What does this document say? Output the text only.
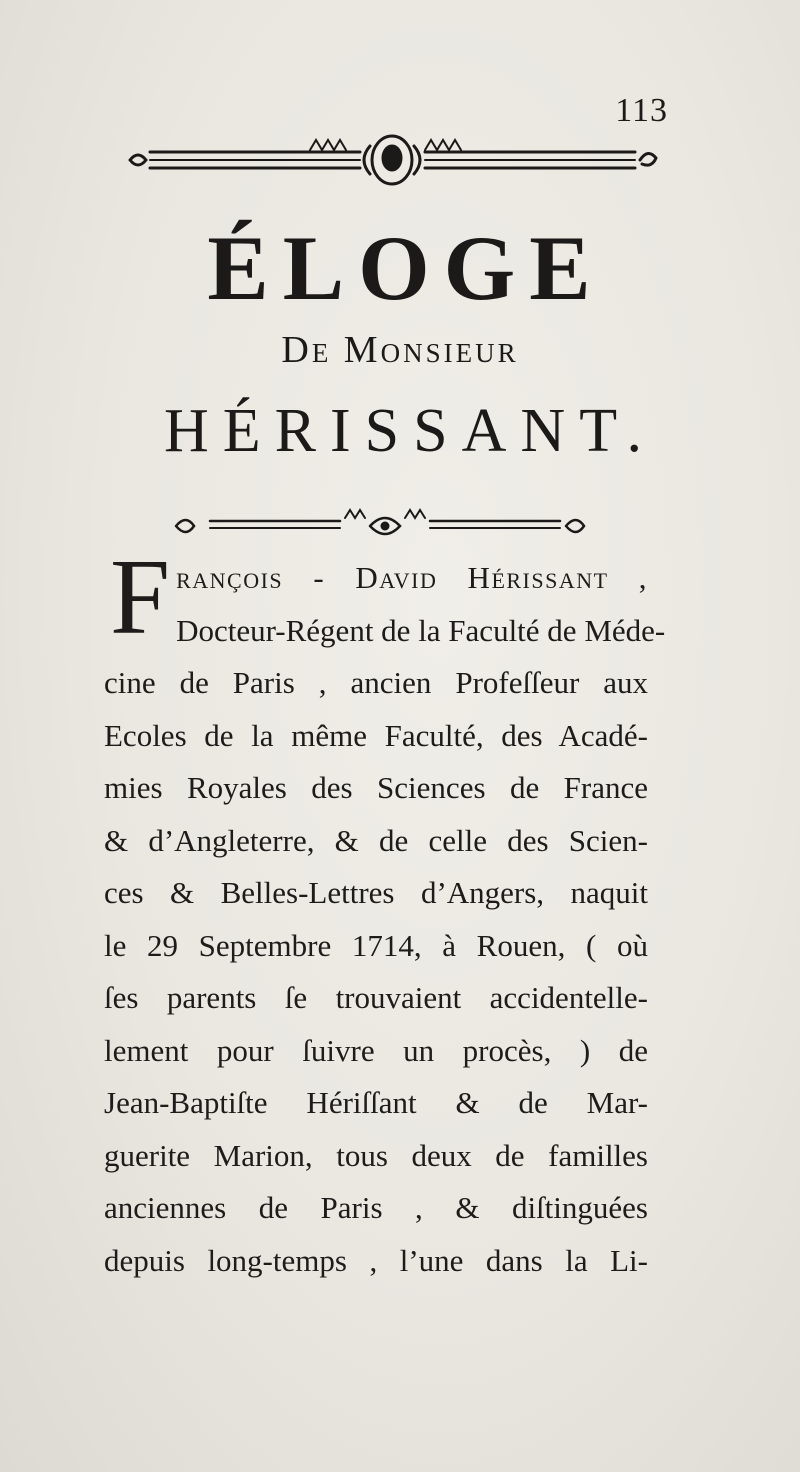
113
ÉLOGE
De Monsieur
HÉRISSANT.
F rançois - David Hérissant ,
Docteur-Régent de la Faculté de Méde-
cine de Paris , ancien Profeſſeur aux
Ecoles de la même Faculté, des Acadé-
mies Royales des Sciences de France
& d’Angleterre, & de celle des Scien-
ces & Belles-Lettres d’Angers, naquit
le 29 Septembre 1714, à Rouen, ( où
ſes parents ſe trouvaient accidentelle-
lement pour ſuivre un procès, ) de
Jean-Baptiſte Hériſſant & de Mar-
guerite Marion, tous deux de familles
anciennes de Paris , & diſtinguées
depuis long-temps , l’une dans la Li-
